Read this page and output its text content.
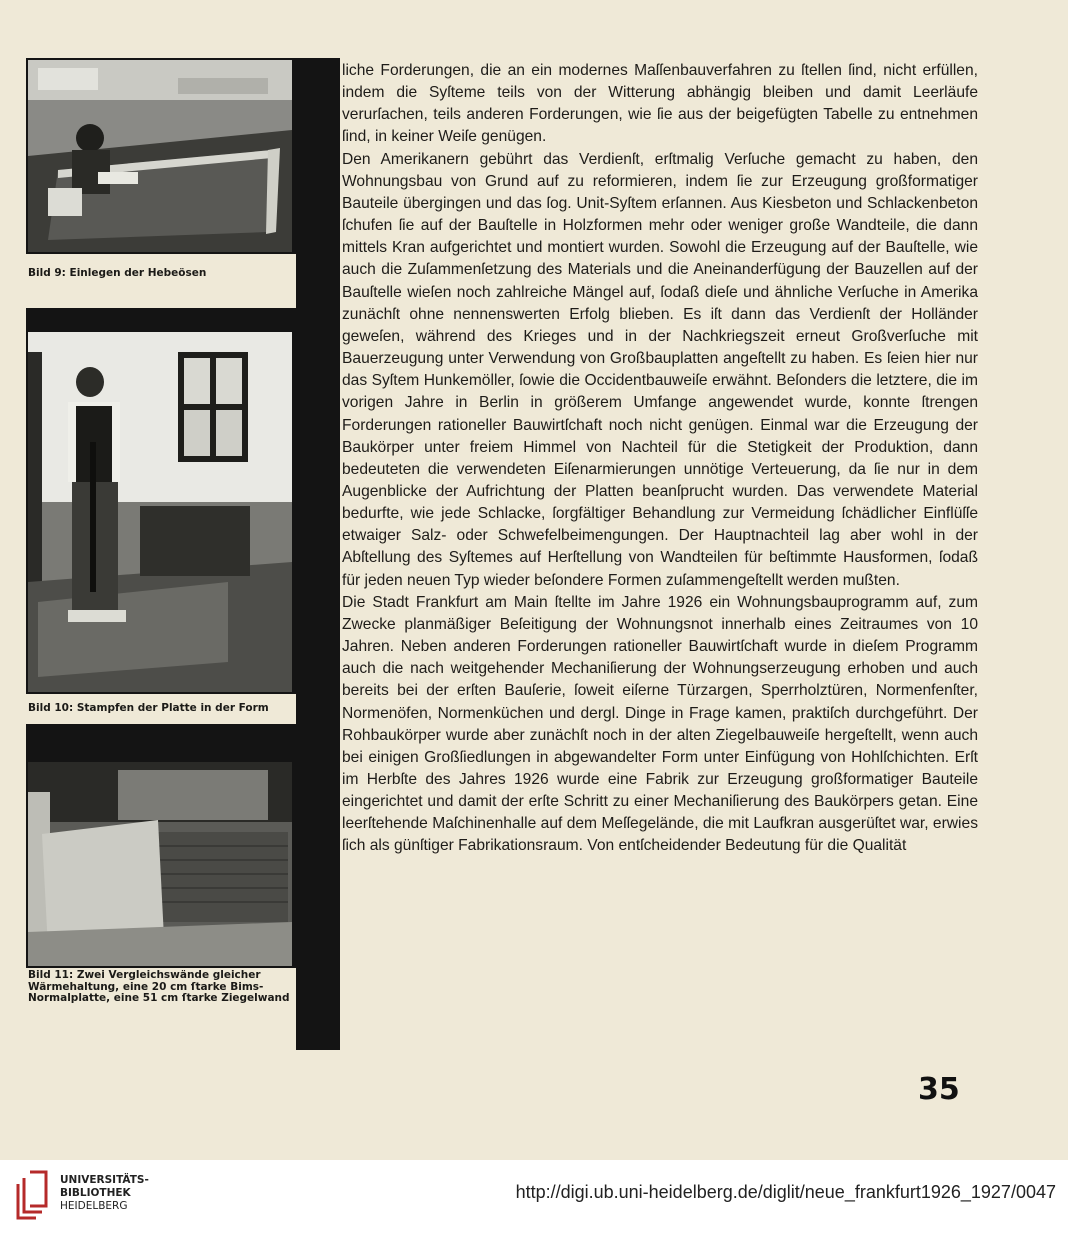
Bild 9: Einlegen der Hebeösen
Bild 10: Stampfen der Platte in der Form
Bild 11: Zwei Vergleichswände gleicher Wärmehaltung, eine 20 cm ſtarke Bims-Normalplatte, eine 51 cm ſtarke Ziegelwand

liche Forderungen, die an ein modernes Maſſenbauverfahren zu ſtellen ſind, nicht erfüllen, indem die Syſteme teils von der Witterung abhängig bleiben und damit Leerläufe verurſachen, teils anderen Forderungen, wie ſie aus der beigefügten Tabelle zu entnehmen ſind, in keiner Weiſe genügen.

Den Amerikanern gebührt das Verdienſt, erſtmalig Verſuche gemacht zu haben, den Wohnungsbau von Grund auf zu reformieren, indem ſie zur Erzeugung großformatiger Bauteile übergingen und das ſog. Unit-Syſtem erſannen. Aus Kiesbeton und Schlackenbeton ſchufen ſie auf der Bauſtelle in Holzformen mehr oder weniger große Wandteile, die dann mittels Kran aufgerichtet und montiert wurden. Sowohl die Erzeugung auf der Bauſtelle, wie auch die Zuſammenſetzung des Materials und die Aneinanderfügung der Bauzellen auf der Bauſtelle wieſen noch zahlreiche Mängel auf, ſodaß dieſe und ähnliche Verſuche in Amerika zunächſt ohne nennenswerten Erfolg blieben. Es iſt dann das Verdienſt der Holländer geweſen, während des Krieges und in der Nachkriegszeit erneut Großverſuche mit Bauerzeugung unter Verwendung von Großbauplatten angeſtellt zu haben. Es ſeien hier nur das Syſtem Hunkemöller, ſowie die Occidentbauweiſe erwähnt. Beſonders die letztere, die im vorigen Jahre in Berlin in größerem Umfange angewendet wurde, konnte ſtrengen Forderungen rationeller Bauwirtſchaft noch nicht genügen. Einmal war die Erzeugung der Baukörper unter freiem Himmel von Nachteil für die Stetigkeit der Produktion, dann bedeuteten die verwendeten Eiſenarmierungen unnötige Verteuerung, da ſie nur in dem Augenblicke der Aufrichtung der Platten beanſprucht wurden. Das verwendete Material bedurfte, wie jede Schlacke, ſorgfältiger Behandlung zur Vermeidung ſchädlicher Einflüſſe etwaiger Salz- oder Schwefelbeimengungen. Der Hauptnachteil lag aber wohl in der Abſtellung des Syſtemes auf Herſtellung von Wandteilen für beſtimmte Hausformen, ſodaß für jeden neuen Typ wieder beſondere Formen zuſammengeſtellt werden mußten.

Die Stadt Frankfurt am Main ſtellte im Jahre 1926 ein Wohnungsbauprogramm auf, zum Zwecke planmäßiger Beſeitigung der Wohnungsnot innerhalb eines Zeitraumes von 10 Jahren. Neben anderen Forderungen rationeller Bauwirtſchaft wurde in dieſem Programm auch die nach weitgehender Mechaniſierung der Wohnungserzeugung erhoben und auch bereits bei der erſten Bauſerie, ſoweit eiſerne Türzargen, Sperrholztüren, Normenfenſter, Normenöfen, Normenküchen und dergl. Dinge in Frage kamen, praktiſch durchgeführt. Der Rohbaukörper wurde aber zunächſt noch in der alten Ziegelbauweiſe hergeſtellt, wenn auch bei einigen Großſiedlungen in abgewandelter Form unter Einfügung von Hohlſchichten. Erſt im Herbſte des Jahres 1926 wurde eine Fabrik zur Erzeugung großformatiger Bauteile eingerichtet und damit der erſte Schritt zu einer Mechaniſierung des Baukörpers getan. Eine leerſtehende Maſchinenhalle auf dem Meſſegelände, die mit Laufkran ausgerüſtet war, erwies ſich als günſtiger Fabrikationsraum. Von entſcheidender Bedeutung für die Qualität

35
UNIVERSITÄTS-
BIBLIOTHEK
HEIDELBERG
http://digi.ub.uni-heidelberg.de/diglit/neue_frankfurt1926_1927/0047
